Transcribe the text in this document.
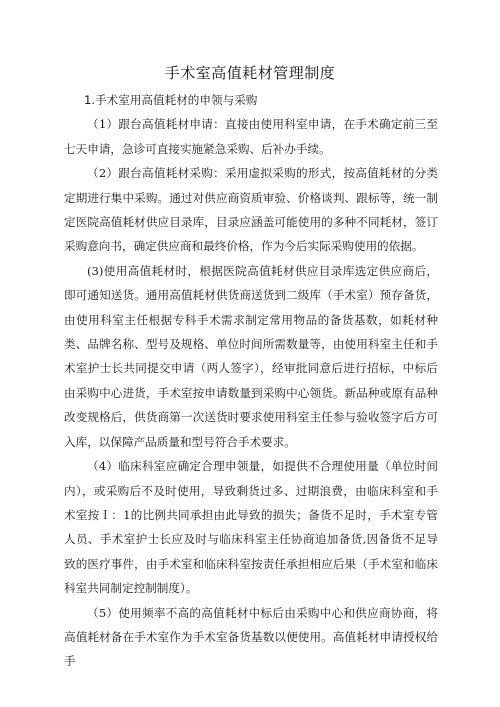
手术室高值耗材管理制度

1.手术室用高值耗材的申领与采购

（1）跟台高值耗材申请：直接由使用科室申请，在手术确定前三至七天申请，急诊可直接实施紧急采购、后补办手续。

（2）跟台高值耗材采购：采用虚拟采购的形式，按高值耗材的分类定期进行集中采购。通过对供应商资质审验、价格谈判、跟标等，统一制定医院高值耗材供应目录库，目录应涵盖可能使用的多种不同耗材，签订采购意向书，确定供应商和最终价格，作为今后实际采购使用的依据。

(3)使用高值耗材时，根据医院高值耗材供应目录库选定供应商后，即可通知送货。通用高值耗材供货商送货到二级库（手术室）预存备货，由使用科室主任根据专科手术需求制定常用物品的备货基数，如耗材种类、品牌名称、型号及规格、单位时间所需数量等，由使用科室主任和手术室护士长共同提交申请（两人签字），经审批同意后进行招标，中标后由采购中心进货，手术室按申请数量到采购中心领货。新品种或原有品种改变规格后，供货商第一次送货时要求使用科室主任参与验收签字后方可入库，以保障产品质量和型号符合手术要求。

（4）临床科室应确定合理申领量，如提供不合理使用量（单位时间内），或采购后不及时使用，导致剩货过多、过期浪费，由临床科室和手术室按Ｉ：1的比例共同承担由此导致的损失；备货不足时，手术室专管人员、手术室护士长应及时与临床科室主任协商追加备货,因备货不足导致的医疗事件，由手术室和临床科室按责任承担相应后果（手术室和临床科室共同制定控制制度）。

（5）使用频率不高的高值耗材中标后由采购中心和供应商协商，将高值耗材备在手术室作为手术室备货基数以便使用。高值耗材申请授权给手
